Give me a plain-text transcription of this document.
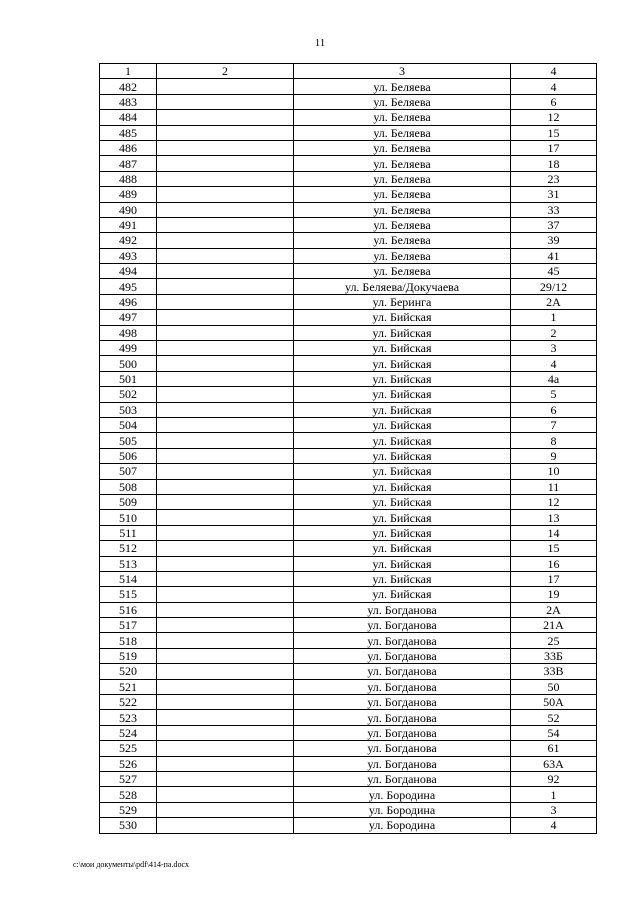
11
1	2	3	4
482		ул. Беляева	4
483		ул. Беляева	6
484		ул. Беляева	12
485		ул. Беляева	15
486		ул. Беляева	17
487		ул. Беляева	18
488		ул. Беляева	23
489		ул. Беляева	31
490		ул. Беляева	33
491		ул. Беляева	37
492		ул. Беляева	39
493		ул. Беляева	41
494		ул. Беляева	45
495		ул. Беляева/Докучаева	29/12
496		ул. Беринга	2А
497		ул. Бийская	1
498		ул. Бийская	2
499		ул. Бийская	3
500		ул. Бийская	4
501		ул. Бийская	4а
502		ул. Бийская	5
503		ул. Бийская	6
504		ул. Бийская	7
505		ул. Бийская	8
506		ул. Бийская	9
507		ул. Бийская	10
508		ул. Бийская	11
509		ул. Бийская	12
510		ул. Бийская	13
511		ул. Бийская	14
512		ул. Бийская	15
513		ул. Бийская	16
514		ул. Бийская	17
515		ул. Бийская	19
516		ул. Богданова	2А
517		ул. Богданова	21А
518		ул. Богданова	25
519		ул. Богданова	33Б
520		ул. Богданова	33В
521		ул. Богданова	50
522		ул. Богданова	50А
523		ул. Богданова	52
524		ул. Богданова	54
525		ул. Богданова	61
526		ул. Богданова	63А
527		ул. Богданова	92
528		ул. Бородина	1
529		ул. Бородина	3
530		ул. Бородина	4
c:\мои документы\pdf\414-па.docx
